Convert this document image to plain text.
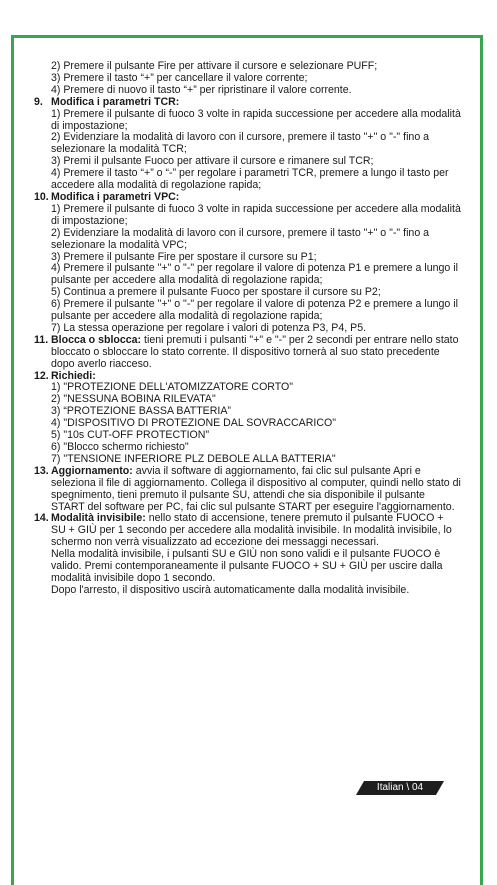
2) Premere il pulsante Fire per attivare il cursore e selezionare PUFF;

3) Premere il tasto “+” per cancellare il valore corrente;

4) Premere di nuovo il tasto “+” per ripristinare il valore corrente.

9. Modifica i parametri TCR:

1) Premere il pulsante di fuoco 3 volte in rapida successione per accedere alla modalità di impostazione;

2) Evidenziare la modalità di lavoro con il cursore, premere il tasto "+" o "-" fino a selezionare la modalità TCR;

3) Premi il pulsante Fuoco per attivare il cursore e rimanere sul TCR;

4) Premere il tasto “+” o “-” per regolare i parametri TCR, premere a lungo il tasto per accedere alla modalità di regolazione rapida;

10. Modifica i parametri VPC:

1) Premere il pulsante di fuoco 3 volte in rapida successione per accedere alla modalità di impostazione;

2) Evidenziare la modalità di lavoro con il cursore, premere il tasto "+" o "-" fino a selezionare la modalità VPC;

3) Premere il pulsante Fire per spostare il cursore su P1;

4) Premere il pulsante "+" o "-" per regolare il valore di potenza P1 e premere a lungo il pulsante per accedere alla modalità di regolazione rapida;

5) Continua a premere il pulsante Fuoco per spostare il cursore su P2;

6) Premere il pulsante "+" o "-" per regolare il valore di potenza P2 e premere a lungo il pulsante per accedere alla modalità di regolazione rapida;

7) La stessa operazione per regolare i valori di potenza P3, P4, P5.

11. Blocca o sblocca: tieni premuti i pulsanti "+" e "-" per 2 secondi per entrare nello stato bloccato o sbloccare lo stato corrente. Il dispositivo tornerà al suo stato precedente dopo averlo riacceso.

12. Richiedi:

1) "PROTEZIONE DELL'ATOMIZZATORE CORTO"

2) "NESSUNA BOBINA RILEVATA"

3) “PROTEZIONE BASSA BATTERIA”

4) "DISPOSITIVO DI PROTEZIONE DAL SOVRACCARICO"

5) "10s CUT-OFF PROTECTION"

6) "Blocco schermo richiesto"

7) "TENSIONE INFERIORE PLZ DEBOLE ALLA BATTERIA"

13. Aggiornamento: avvia il software di aggiornamento, fai clic sul pulsante Apri e seleziona il file di aggiornamento. Collega il dispositivo al computer, quindi nello stato di spegnimento, tieni premuto il pulsante SU, attendi che sia disponibile il pulsante START del software per PC, fai clic sul pulsante START per eseguire l'aggiornamento.

14. Modalità invisibile: nello stato di accensione, tenere premuto il pulsante FUOCO + SU + GIÙ per 1 secondo per accedere alla modalità invisibile. In modalità invisibile, lo schermo non verrà visualizzato ad eccezione dei messaggi necessari.

Nella modalità invisibile, i pulsanti SU e GIÙ non sono validi e il pulsante FUOCO è valido. Premi contemporaneamente il pulsante FUOCO + SU + GIÙ per uscire dalla modalità invisibile dopo 1 secondo.

Dopo l'arresto, il dispositivo uscirà automaticamente dalla modalità invisibile.

Italian \ 04
